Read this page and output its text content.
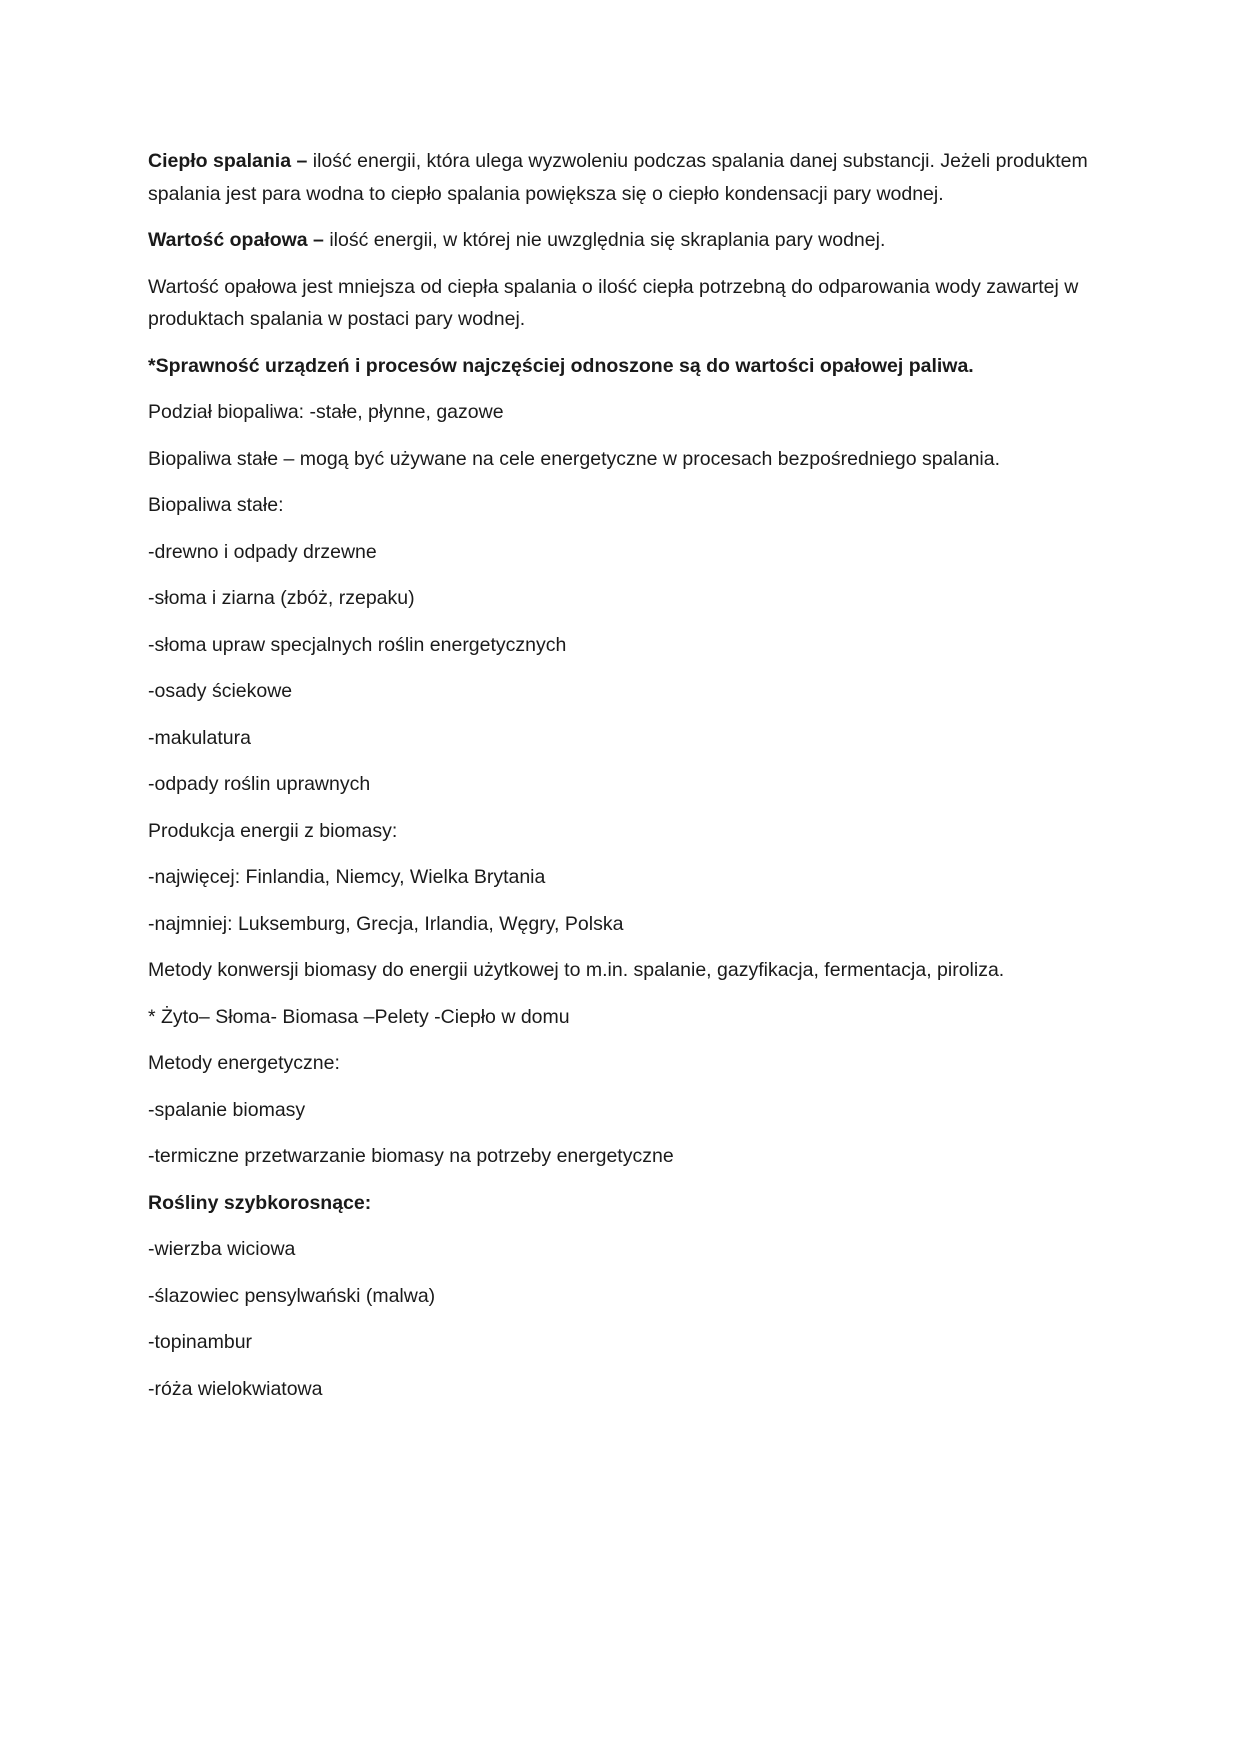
Ciepło spalania – ilość energii, która ulega wyzwoleniu podczas spalania danej substancji. Jeżeli produktem spalania jest para wodna to ciepło spalania powiększa się o ciepło kondensacji pary wodnej.

Wartość opałowa – ilość energii, w której nie uwzględnia się skraplania pary wodnej.

Wartość opałowa jest mniejsza od ciepła spalania o ilość ciepła potrzebną do odparowania wody zawartej w produktach spalania w postaci pary wodnej.

*Sprawność urządzeń i procesów najczęściej odnoszone są do wartości opałowej paliwa.

Podział biopaliwa: -stałe, płynne, gazowe

Biopaliwa stałe – mogą być używane na cele energetyczne w procesach bezpośredniego spalania.

Biopaliwa stałe:

-drewno i odpady drzewne

-słoma i ziarna (zbóż, rzepaku)

-słoma upraw specjalnych roślin energetycznych

-osady ściekowe

-makulatura

-odpady roślin uprawnych

Produkcja energii z biomasy:

-najwięcej: Finlandia, Niemcy, Wielka Brytania

-najmniej: Luksemburg, Grecja, Irlandia, Węgry, Polska

Metody konwersji biomasy do energii użytkowej to m.in. spalanie, gazyfikacja, fermentacja, piroliza.

* Żyto– Słoma- Biomasa –Pelety -Ciepło w domu

Metody energetyczne:

-spalanie biomasy

-termiczne przetwarzanie biomasy na potrzeby energetyczne

Rośliny szybkorosnące:

-wierzba wiciowa

-ślazowiec pensylwański (malwa)

-topinambur

-róża wielokwiatowa
